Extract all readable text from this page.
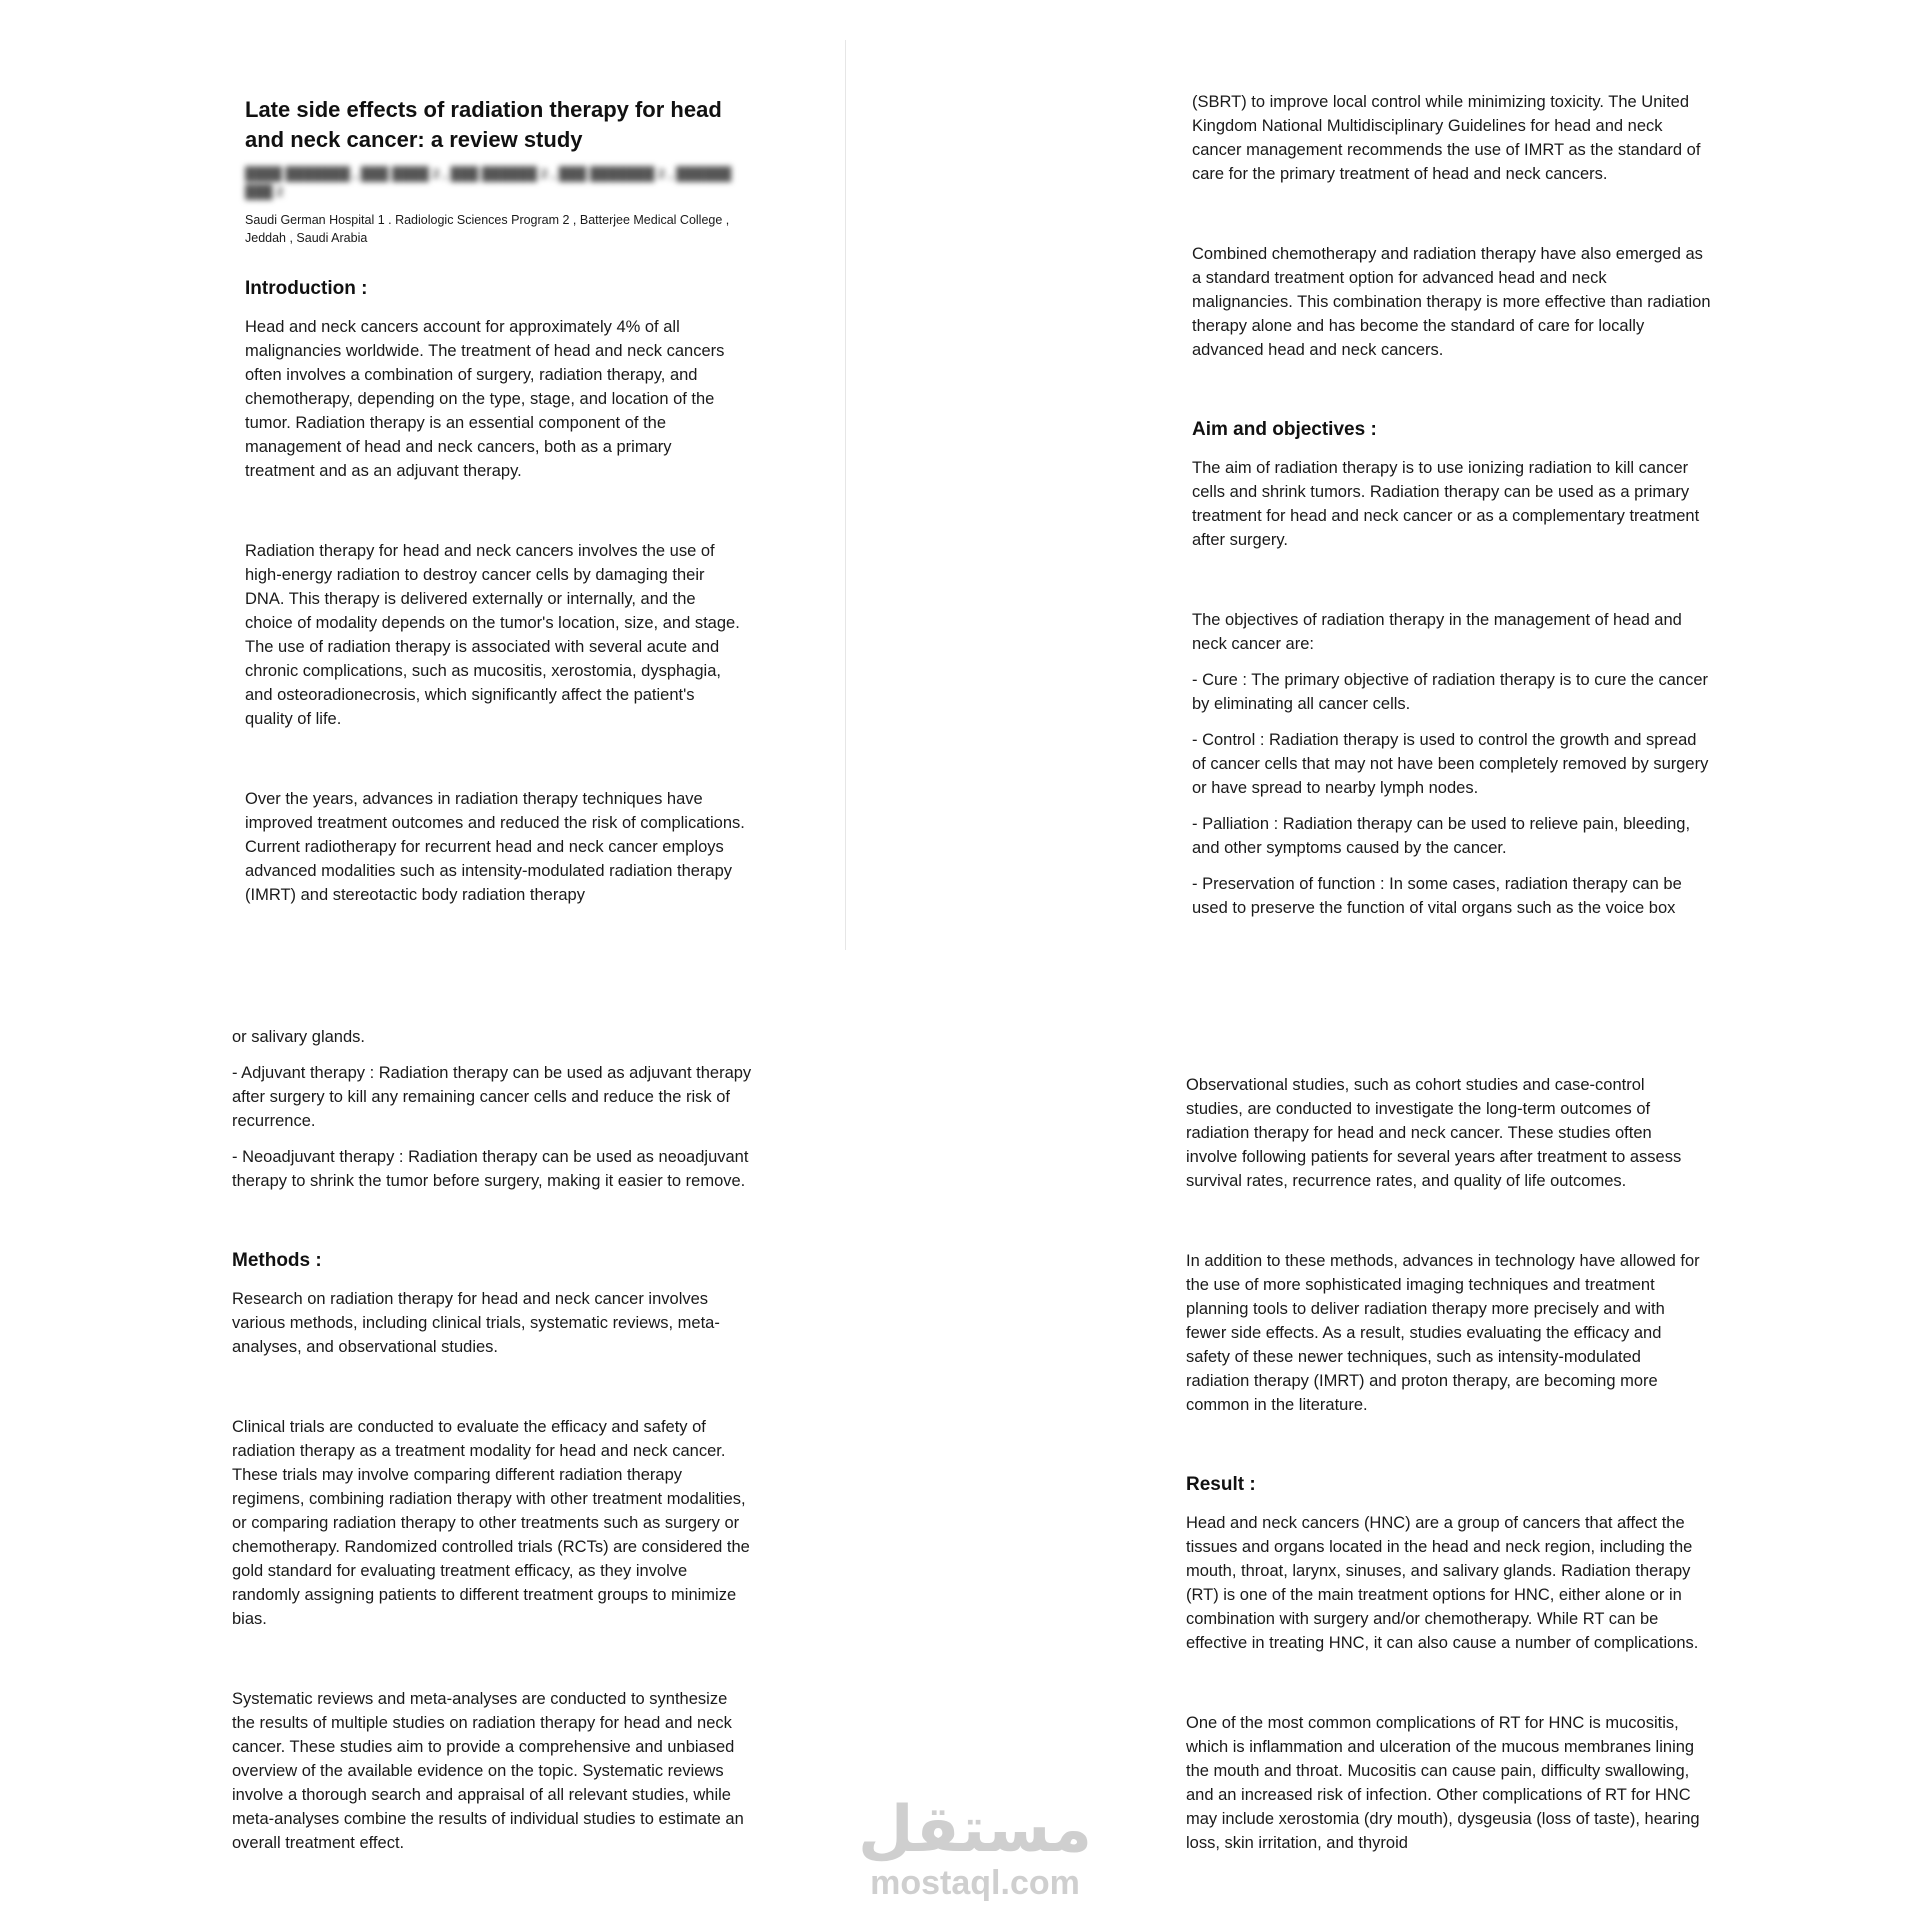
Late side effects of radiation therapy for head and neck cancer: a review study
████ ███████ , ███ ████ 2 , ███ ██████ 2 , ███ ███████ 2 , ██████ ███ 2
Saudi German Hospital 1 . Radiologic Sciences Program 2 , Batterjee Medical College , Jeddah , Saudi Arabia
Introduction :

Head and neck cancers account for approximately 4% of all malignancies worldwide. The treatment of head and neck cancers often involves a combination of surgery, radiation therapy, and chemotherapy, depending on the type, stage, and location of the tumor. Radiation therapy is an essential component of the management of head and neck cancers, both as a primary treatment and as an adjuvant therapy.

Radiation therapy for head and neck cancers involves the use of high-energy radiation to destroy cancer cells by damaging their DNA. This therapy is delivered externally or internally, and the choice of modality depends on the tumor's location, size, and stage. The use of radiation therapy is associated with several acute and chronic complications, such as mucositis, xerostomia, dysphagia, and osteoradionecrosis, which significantly affect the patient's quality of life.

Over the years, advances in radiation therapy techniques have improved treatment outcomes and reduced the risk of complications. Current radiotherapy for recurrent head and neck cancer employs advanced modalities such as intensity-modulated radiation therapy (IMRT) and stereotactic body radiation therapy

(SBRT) to improve local control while minimizing toxicity. The United Kingdom National Multidisciplinary Guidelines for head and neck cancer management recommends the use of IMRT as the standard of care for the primary treatment of head and neck cancers.

Combined chemotherapy and radiation therapy have also emerged as a standard treatment option for advanced head and neck malignancies. This combination therapy is more effective than radiation therapy alone and has become the standard of care for locally advanced head and neck cancers.

Aim and objectives :

The aim of radiation therapy is to use ionizing radiation to kill cancer cells and shrink tumors. Radiation therapy can be used as a primary treatment for head and neck cancer or as a complementary treatment after surgery.

The objectives of radiation therapy in the management of head and neck cancer are:

- Cure : The primary objective of radiation therapy is to cure the cancer by eliminating all cancer cells.

- Control : Radiation therapy is used to control the growth and spread of cancer cells that may not have been completely removed by surgery or have spread to nearby lymph nodes.

- Palliation : Radiation therapy can be used to relieve pain, bleeding, and other symptoms caused by the cancer.

- Preservation of function : In some cases, radiation therapy can be used to preserve the function of vital organs such as the voice box

or salivary glands.

- Adjuvant therapy : Radiation therapy can be used as adjuvant therapy after surgery to kill any remaining cancer cells and reduce the risk of recurrence.

- Neoadjuvant therapy : Radiation therapy can be used as neoadjuvant therapy to shrink the tumor before surgery, making it easier to remove.

Methods :

Research on radiation therapy for head and neck cancer involves various methods, including clinical trials, systematic reviews, meta-analyses, and observational studies.

Clinical trials are conducted to evaluate the efficacy and safety of radiation therapy as a treatment modality for head and neck cancer. These trials may involve comparing different radiation therapy regimens, combining radiation therapy with other treatment modalities, or comparing radiation therapy to other treatments such as surgery or chemotherapy. Randomized controlled trials (RCTs) are considered the gold standard for evaluating treatment efficacy, as they involve randomly assigning patients to different treatment groups to minimize bias.

Systematic reviews and meta-analyses are conducted to synthesize the results of multiple studies on radiation therapy for head and neck cancer. These studies aim to provide a comprehensive and unbiased overview of the available evidence on the topic. Systematic reviews involve a thorough search and appraisal of all relevant studies, while meta-analyses combine the results of individual studies to estimate an overall treatment effect.

Observational studies, such as cohort studies and case-control studies, are conducted to investigate the long-term outcomes of radiation therapy for head and neck cancer. These studies often involve following patients for several years after treatment to assess survival rates, recurrence rates, and quality of life outcomes.

In addition to these methods, advances in technology have allowed for the use of more sophisticated imaging techniques and treatment planning tools to deliver radiation therapy more precisely and with fewer side effects. As a result, studies evaluating the efficacy and safety of these newer techniques, such as intensity-modulated radiation therapy (IMRT) and proton therapy, are becoming more common in the literature.

Result :

Head and neck cancers (HNC) are a group of cancers that affect the tissues and organs located in the head and neck region, including the mouth, throat, larynx, sinuses, and salivary glands. Radiation therapy (RT) is one of the main treatment options for HNC, either alone or in combination with surgery and/or chemotherapy. While RT can be effective in treating HNC, it can also cause a number of complications.

One of the most common complications of RT for HNC is mucositis, which is inflammation and ulceration of the mucous membranes lining the mouth and throat. Mucositis can cause pain, difficulty swallowing, and an increased risk of infection. Other complications of RT for HNC may include xerostomia (dry mouth), dysgeusia (loss of taste), hearing loss, skin irritation, and thyroid

مستقل
mostaql.com
